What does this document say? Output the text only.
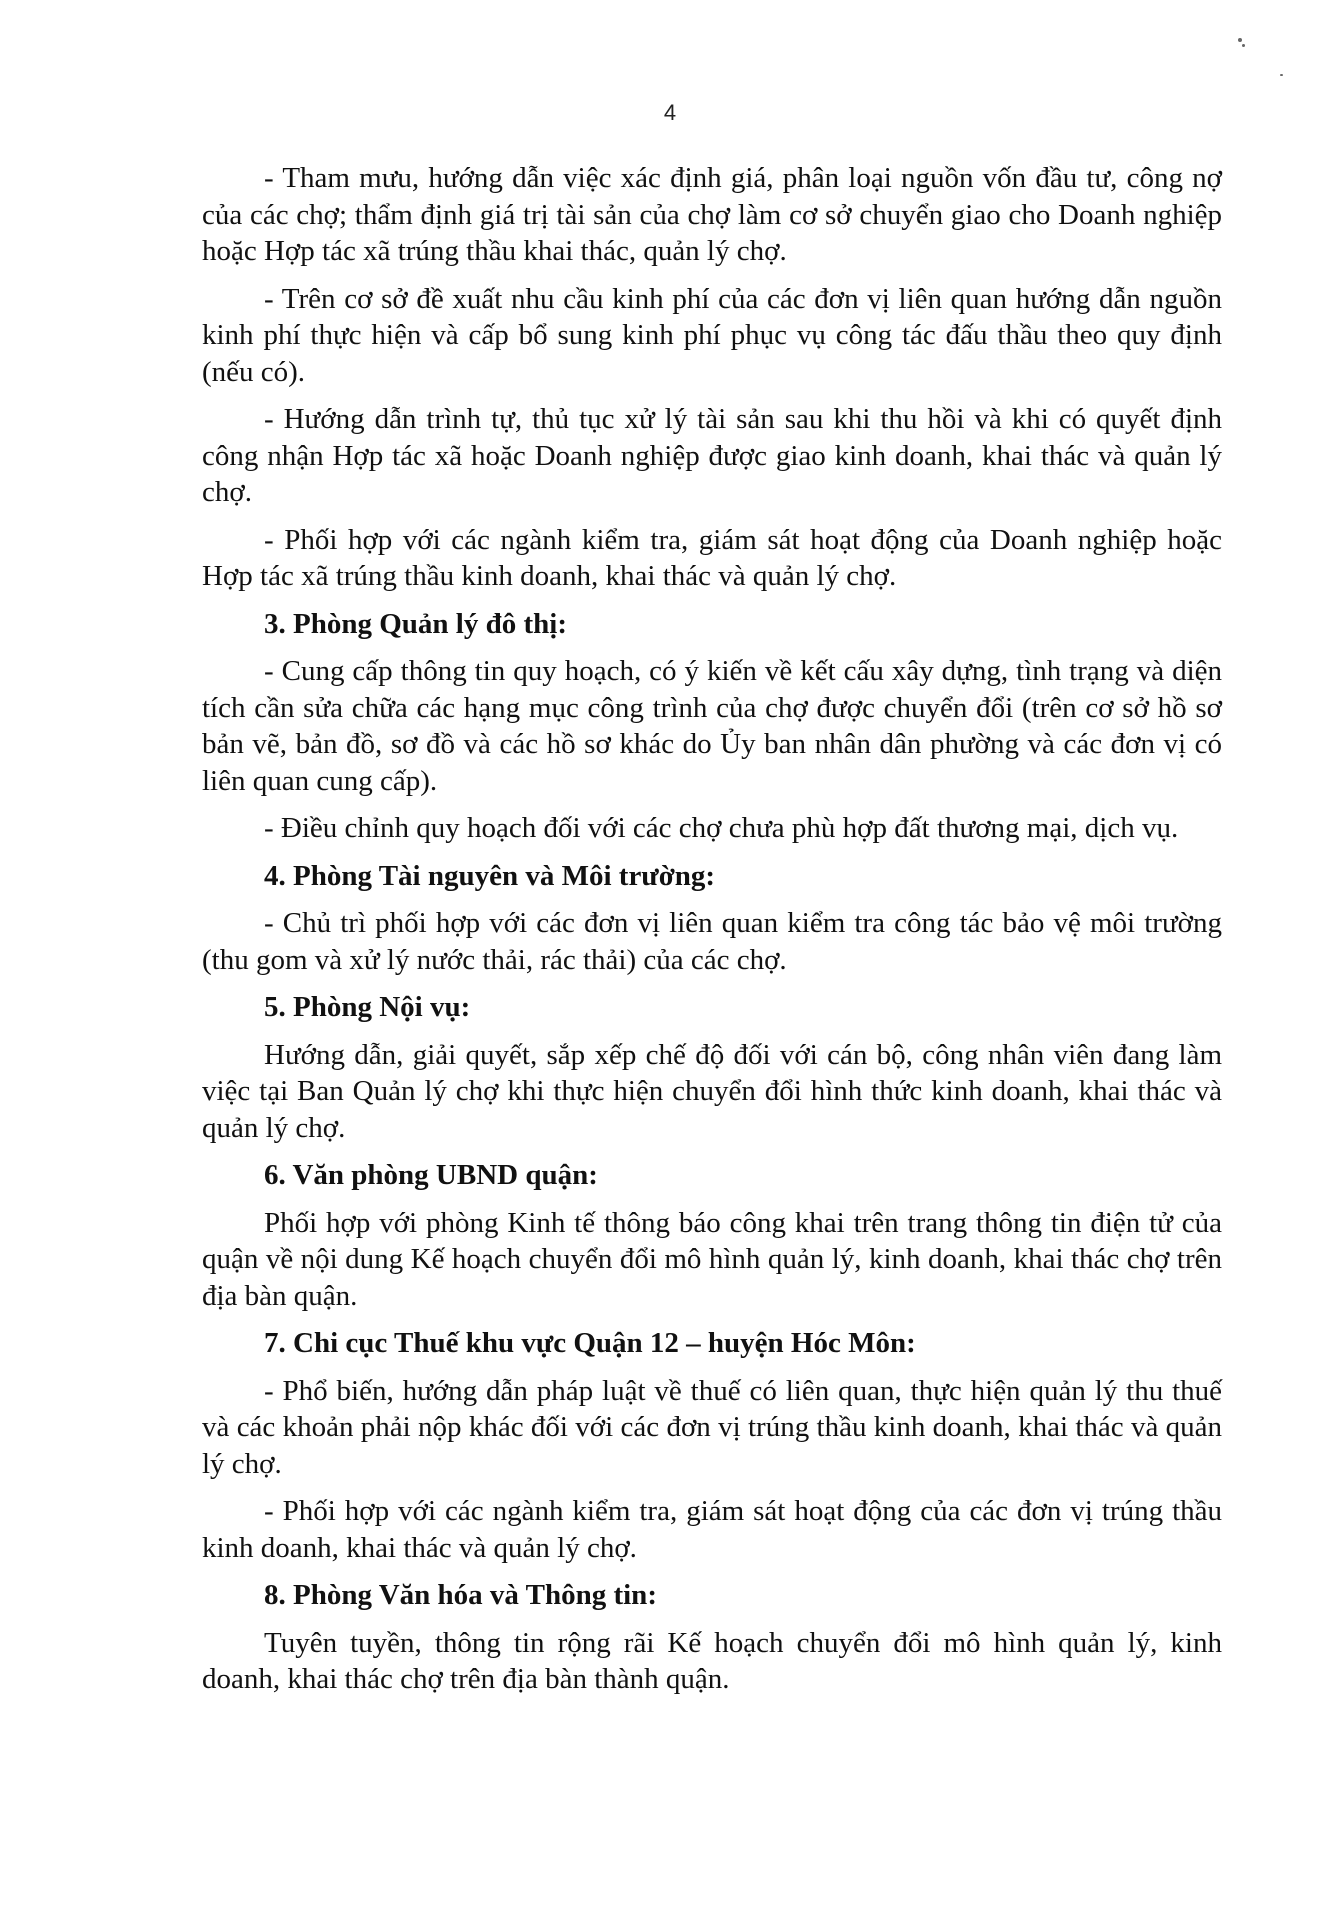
4

- Tham mưu, hướng dẫn việc xác định giá, phân loại nguồn vốn đầu tư, công nợ của các chợ; thẩm định giá trị tài sản của chợ làm cơ sở chuyển giao cho Doanh nghiệp hoặc Hợp tác xã trúng thầu khai thác, quản lý chợ.

- Trên cơ sở đề xuất nhu cầu kinh phí của các đơn vị liên quan hướng dẫn nguồn kinh phí thực hiện và cấp bổ sung kinh phí phục vụ công tác đấu thầu theo quy định (nếu có).

- Hướng dẫn trình tự, thủ tục xử lý tài sản sau khi thu hồi và khi có quyết định công nhận Hợp tác xã hoặc Doanh nghiệp được giao kinh doanh, khai thác và quản lý chợ.

- Phối hợp với các ngành kiểm tra, giám sát hoạt động của Doanh nghiệp hoặc Hợp tác xã trúng thầu kinh doanh, khai thác và quản lý chợ.

3. Phòng Quản lý đô thị:

- Cung cấp thông tin quy hoạch, có ý kiến về kết cấu xây dựng, tình trạng và diện tích cần sửa chữa các hạng mục công trình của chợ được chuyển đổi (trên cơ sở hồ sơ bản vẽ, bản đồ, sơ đồ và các hồ sơ khác do Ủy ban nhân dân phường và các đơn vị có liên quan cung cấp).

- Điều chỉnh quy hoạch đối với các chợ chưa phù hợp đất thương mại, dịch vụ.

4. Phòng Tài nguyên và Môi trường:

- Chủ trì phối hợp với các đơn vị liên quan kiểm tra công tác bảo vệ môi trường (thu gom và xử lý nước thải, rác thải) của các chợ.

5. Phòng Nội vụ:

Hướng dẫn, giải quyết, sắp xếp chế độ đối với cán bộ, công nhân viên đang làm việc tại Ban Quản lý chợ khi thực hiện chuyển đổi hình thức kinh doanh, khai thác và quản lý chợ.

6. Văn phòng UBND quận:

Phối hợp với phòng Kinh tế thông báo công khai trên trang thông tin điện tử của quận về nội dung Kế hoạch chuyển đổi mô hình quản lý, kinh doanh, khai thác chợ trên địa bàn quận.

7. Chi cục Thuế khu vực Quận 12 – huyện Hóc Môn:

- Phổ biến, hướng dẫn pháp luật về thuế có liên quan, thực hiện quản lý thu thuế và các khoản phải nộp khác đối với các đơn vị trúng thầu kinh doanh, khai thác và quản lý chợ.

- Phối hợp với các ngành kiểm tra, giám sát hoạt động của các đơn vị trúng thầu kinh doanh, khai thác và quản lý chợ.

8. Phòng Văn hóa và Thông tin:

Tuyên tuyền, thông tin rộng rãi Kế hoạch chuyển đổi mô hình quản lý, kinh doanh, khai thác chợ trên địa bàn thành quận.
